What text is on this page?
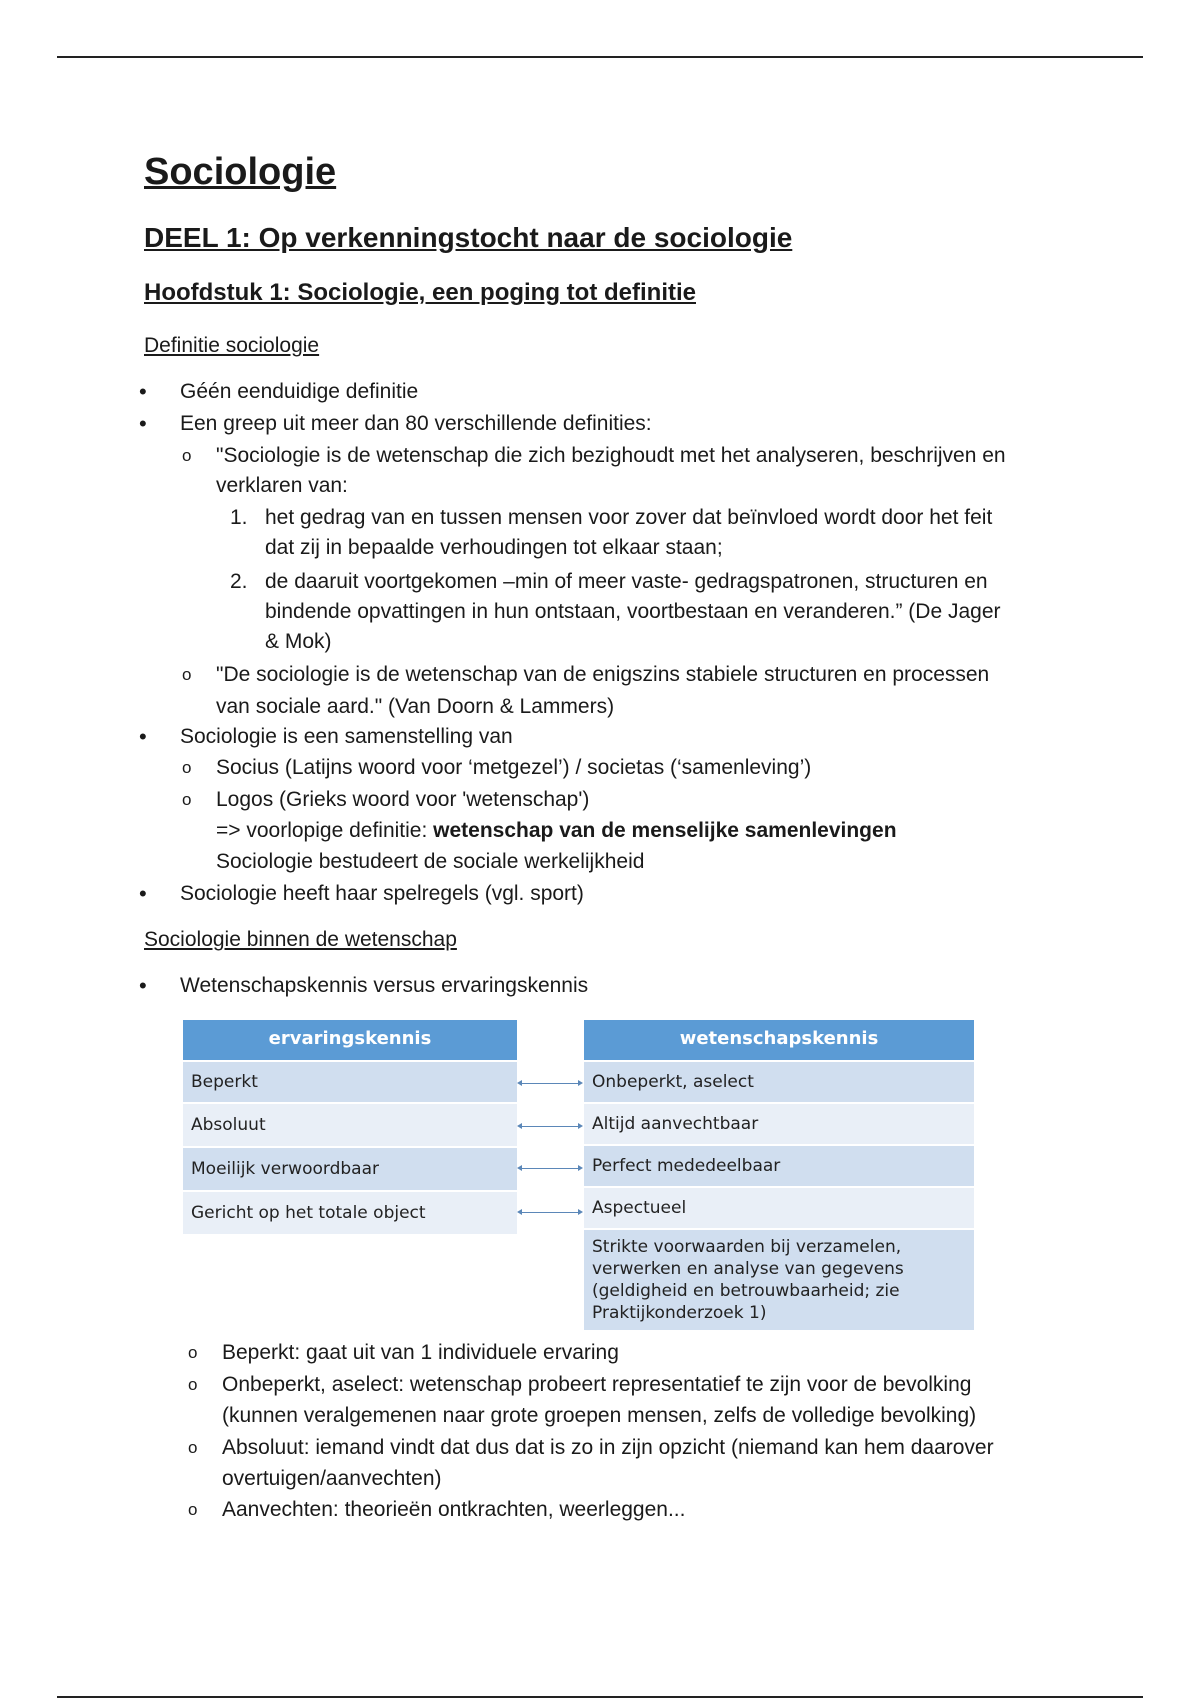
Sociologie
DEEL 1: Op verkenningstocht naar de sociologie
Hoofdstuk 1: Sociologie, een poging tot definitie
Definitie sociologie
• Géén eenduidige definitie
• Een greep uit meer dan 80 verschillende definities:
o "Sociologie is de wetenschap die zich bezighoudt met het analyseren, beschrijven en
verklaren van:
1. het gedrag van en tussen mensen voor zover dat beïnvloed wordt door het feit
dat zij in bepaalde verhoudingen tot elkaar staan;
2. de daaruit voortgekomen –min of meer vaste- gedragspatronen, structuren en
bindende opvattingen in hun ontstaan, voortbestaan en veranderen.” (De Jager
& Mok)
o "De sociologie is de wetenschap van de enigszins stabiele structuren en processen
van sociale aard." (Van Doorn & Lammers)
• Sociologie is een samenstelling van
o Socius (Latijns woord voor ‘metgezel’) / societas (‘samenleving’)
o Logos (Grieks woord voor 'wetenschap')
=> voorlopige definitie: wetenschap van de menselijke samenlevingen
Sociologie bestudeert de sociale werkelijkheid
• Sociologie heeft haar spelregels (vgl. sport)
Sociologie binnen de wetenschap
• Wetenschapskennis versus ervaringskennis
ervaringskennis	wetenschapskennis
Beperkt
Absoluut
Moeilijk verwoordbaar
Gericht op het totale object
Onbeperkt, aselect
Altijd aanvechtbaar
Perfect mededeelbaar
Aspectueel
Strikte voorwaarden bij verzamelen,
verwerken en analyse van gegevens
(geldigheid en betrouwbaarheid; zie
Praktijkonderzoek 1)
o Beperkt: gaat uit van 1 individuele ervaring
o Onbeperkt, aselect: wetenschap probeert representatief te zijn voor de bevolking
(kunnen veralgemenen naar grote groepen mensen, zelfs de volledige bevolking)
o Absoluut: iemand vindt dat dus dat is zo in zijn opzicht (niemand kan hem daarover
overtuigen/aanvechten)
o Aanvechten: theorieën ontkrachten, weerleggen...
